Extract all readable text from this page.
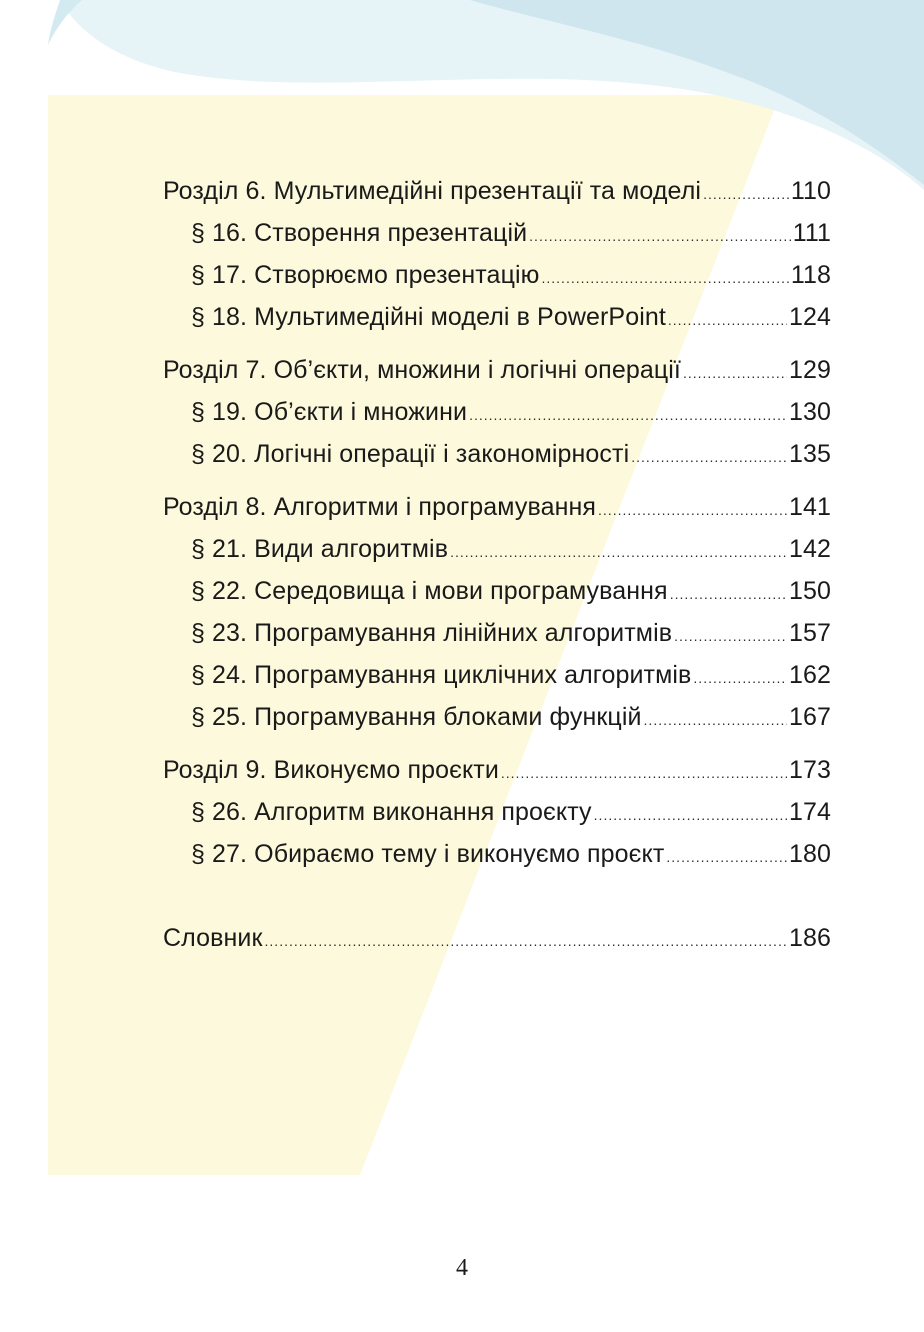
Розділ 6. Мультимедійні презентації та моделі .....	110
§ 16. Створення презентацій .....	111
§ 17. Створюємо презентацію .....	118
§ 18. Мультимедійні моделі в PowerPoint .....	124
Розділ 7. Об’єкти, множини і логічні операції .....	129
§ 19. Об’єкти і множини .....	130
§ 20. Логічні операції і закономірності .....	135
Розділ 8. Алгоритми і програмування .....	141
§ 21. Види алгоритмів .....	142
§ 22. Середовища і мови програмування .....	150
§ 23. Програмування лінійних алгоритмів .....	157
§ 24. Програмування циклічних алгоритмів .....	162
§ 25. Програмування блоками функцій .....	167
Розділ 9. Виконуємо проєкти .....	173
§ 26. Алгоритм виконання проєкту .....	174
§ 27. Обираємо тему і виконуємо проєкт .....	180
Словник .....	186
4
